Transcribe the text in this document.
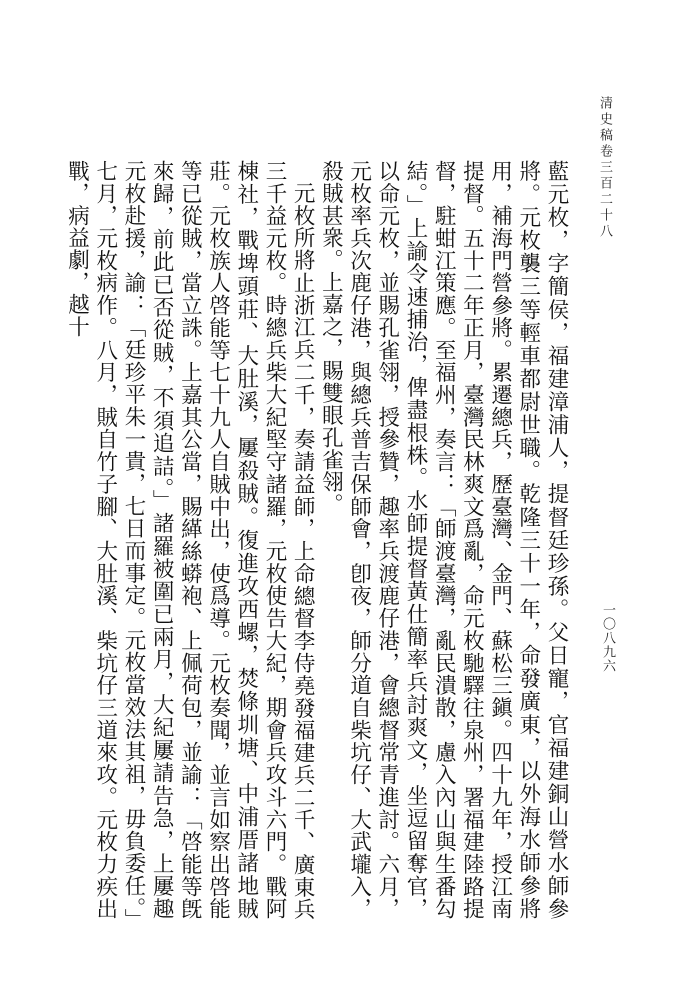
清史稿卷三百二十八
一〇八九六

藍元枚，字簡侯，福建漳浦人，提督廷珍孫。父日寵，官福建銅山營水師參將。元枚襲三等輕車都尉世職。乾隆三十一年，命發廣東，以外海水師參將用，補海門營參將。累遷總兵，歷臺灣、金門、蘇松三鎭。四十九年，授江南提督。五十二年正月，臺灣民林爽文爲亂，命元枚馳驛往泉州，署福建陸路提督，駐蚶江策應。至福州，奏言：「師渡臺灣，亂民潰散，慮入內山與生番勾結。」上諭令速捕治，俾盡根株。水師提督黃仕簡率兵討爽文，坐逗留奪官，以命元枚，並賜孔雀翎，授參贊，趣率兵渡鹿仔港，會總督常青進討。六月，元枚率兵次鹿仔港，與總兵普吉保師會，卽夜，師分道自柴坑仔、大武壠入，殺賊甚衆。上嘉之，賜雙眼孔雀翎。

元枚所將止浙江兵二千，奏請益師，上命總督李侍堯發福建兵二千、廣東兵三千益元枚。時總兵柴大紀堅守諸羅，元枚使告大紀，期會兵攻斗六門。戰阿棟社，戰埤頭莊、大肚溪，屢殺賊。復進攻西螺，焚條圳塘、中浦厝諸地賊莊。元枚族人啓能等七十九人自賊中出，使爲導。元枚奏聞，並言如察出啓能等已從賊，當立誅。上嘉其公當，賜緙絲蟒袍、上佩荷包，並諭：「啓能等旣來歸，前此已否從賊，不須追詰。」諸羅被圍已兩月，大紀屢請告急，上屢趣元枚赴援，諭：「廷珍平朱一貴，七日而事定。元枚當效法其祖，毋負委任。」七月，元枚病作。八月，賊自竹子腳、大肚溪、柴坑仔三道來攻。元枚力疾出戰，病益劇，越十
